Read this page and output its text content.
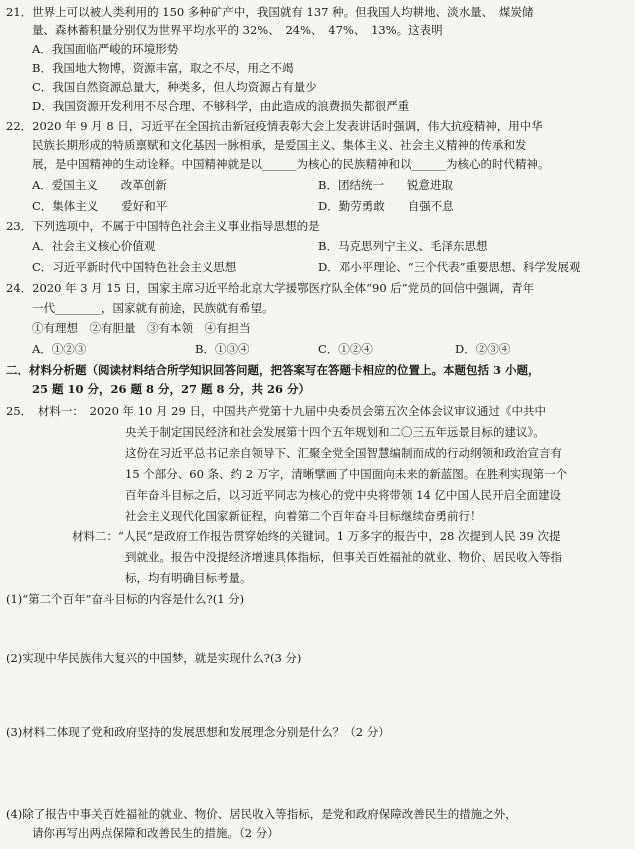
21．世界上可以被人类利用的 150 多种矿产中，我国就有 137 种。但我国人均耕地、淡水量、　煤炭储
量、森林蓄积量分别仅为世界平均水平的 32%、　24%、　47%、　13%。这表明
A．我国面临严峻的环境形势
B．我国地大物博，资源丰富，取之不尽，用之不竭
C．我国自然资源总量大，种类多，但人均资源占有量少
D．我国资源开发利用不尽合理、不够科学，由此造成的浪费损失都很严重
22．2020 年 9 月 8 日，习近平在全国抗击新冠疫情表彰大会上发表讲话时强调，伟大抗疫精神，用中华
民族长期形成的特质禀赋和文化基因一脉相承，是爱国主义、集体主义、社会主义精神的传承和发
展，是中国精神的生动诠释。中国精神就是以______为核心的民族精神和以______为核心的时代精神。
A．爱国主义　　改革创新	B．团结统一　　锐意进取
C．集体主义　　爱好和平	D．勤劳勇敢　　自强不息
23．下列选项中，不属于中国特色社会主义事业指导思想的是
A．社会主义核心价值观	B．马克思列宁主义、毛泽东思想
C．习近平新时代中国特色社会主义思想	D．邓小平理论、“三个代表”重要思想、科学发展观
24．2020 年 3 月 15 日，国家主席习近平给北京大学援鄂医疗队全体“90 后”党员的回信中强调，青年
一代________，国家就有前途，民族就有希望。
①有理想　②有胆量　③有本领　④有担当
A．①②③	B．①③④	C．①②④	D．②③④
二．材料分析题（阅读材料结合所学知识回答问题，把答案写在答题卡相应的位置上。本题包括 3 小题，
25 题 10 分，26 题 8 分，27 题 8 分，共 26 分）
25．　材料一：　2020 年 10 月 29 日，中国共产党第十九届中央委员会第五次全体会议审议通过《中共中
央关于制定国民经济和社会发展第十四个五年规划和二〇三五年远景目标的建议》。
这份在习近平总书记亲自领导下、汇聚全党全国智慧编制而成的行动纲领和政治宣言有
15 个部分、60 条、约 2 万字，清晰擘画了中国面向未来的新蓝图。在胜利实现第一个
百年奋斗目标之后，以习近平同志为核心的党中央将带领 14 亿中国人民开启全面建设
社会主义现代化国家新征程，向着第二个百年奋斗目标继续奋勇前行！
材料二：“人民”是政府工作报告贯穿始终的关键词。1 万多字的报告中，28 次提到人民 39 次提
到就业。报告中没提经济增速具体指标，但事关百姓福祉的就业、物价、居民收入等指
标，均有明确目标考量。
(1)“第二个百年”奋斗目标的内容是什么?(1 分)
(2)实现中华民族伟大复兴的中国梦，就是实现什么?(3 分)
(3)材料二体现了党和政府坚持的发展思想和发展理念分别是什么？（2 分）
(4)除了报告中事关百姓福祉的就业、物价、居民收入等指标，是党和政府保障改善民生的措施之外，
请你再写出两点保障和改善民生的措施。（2 分）
